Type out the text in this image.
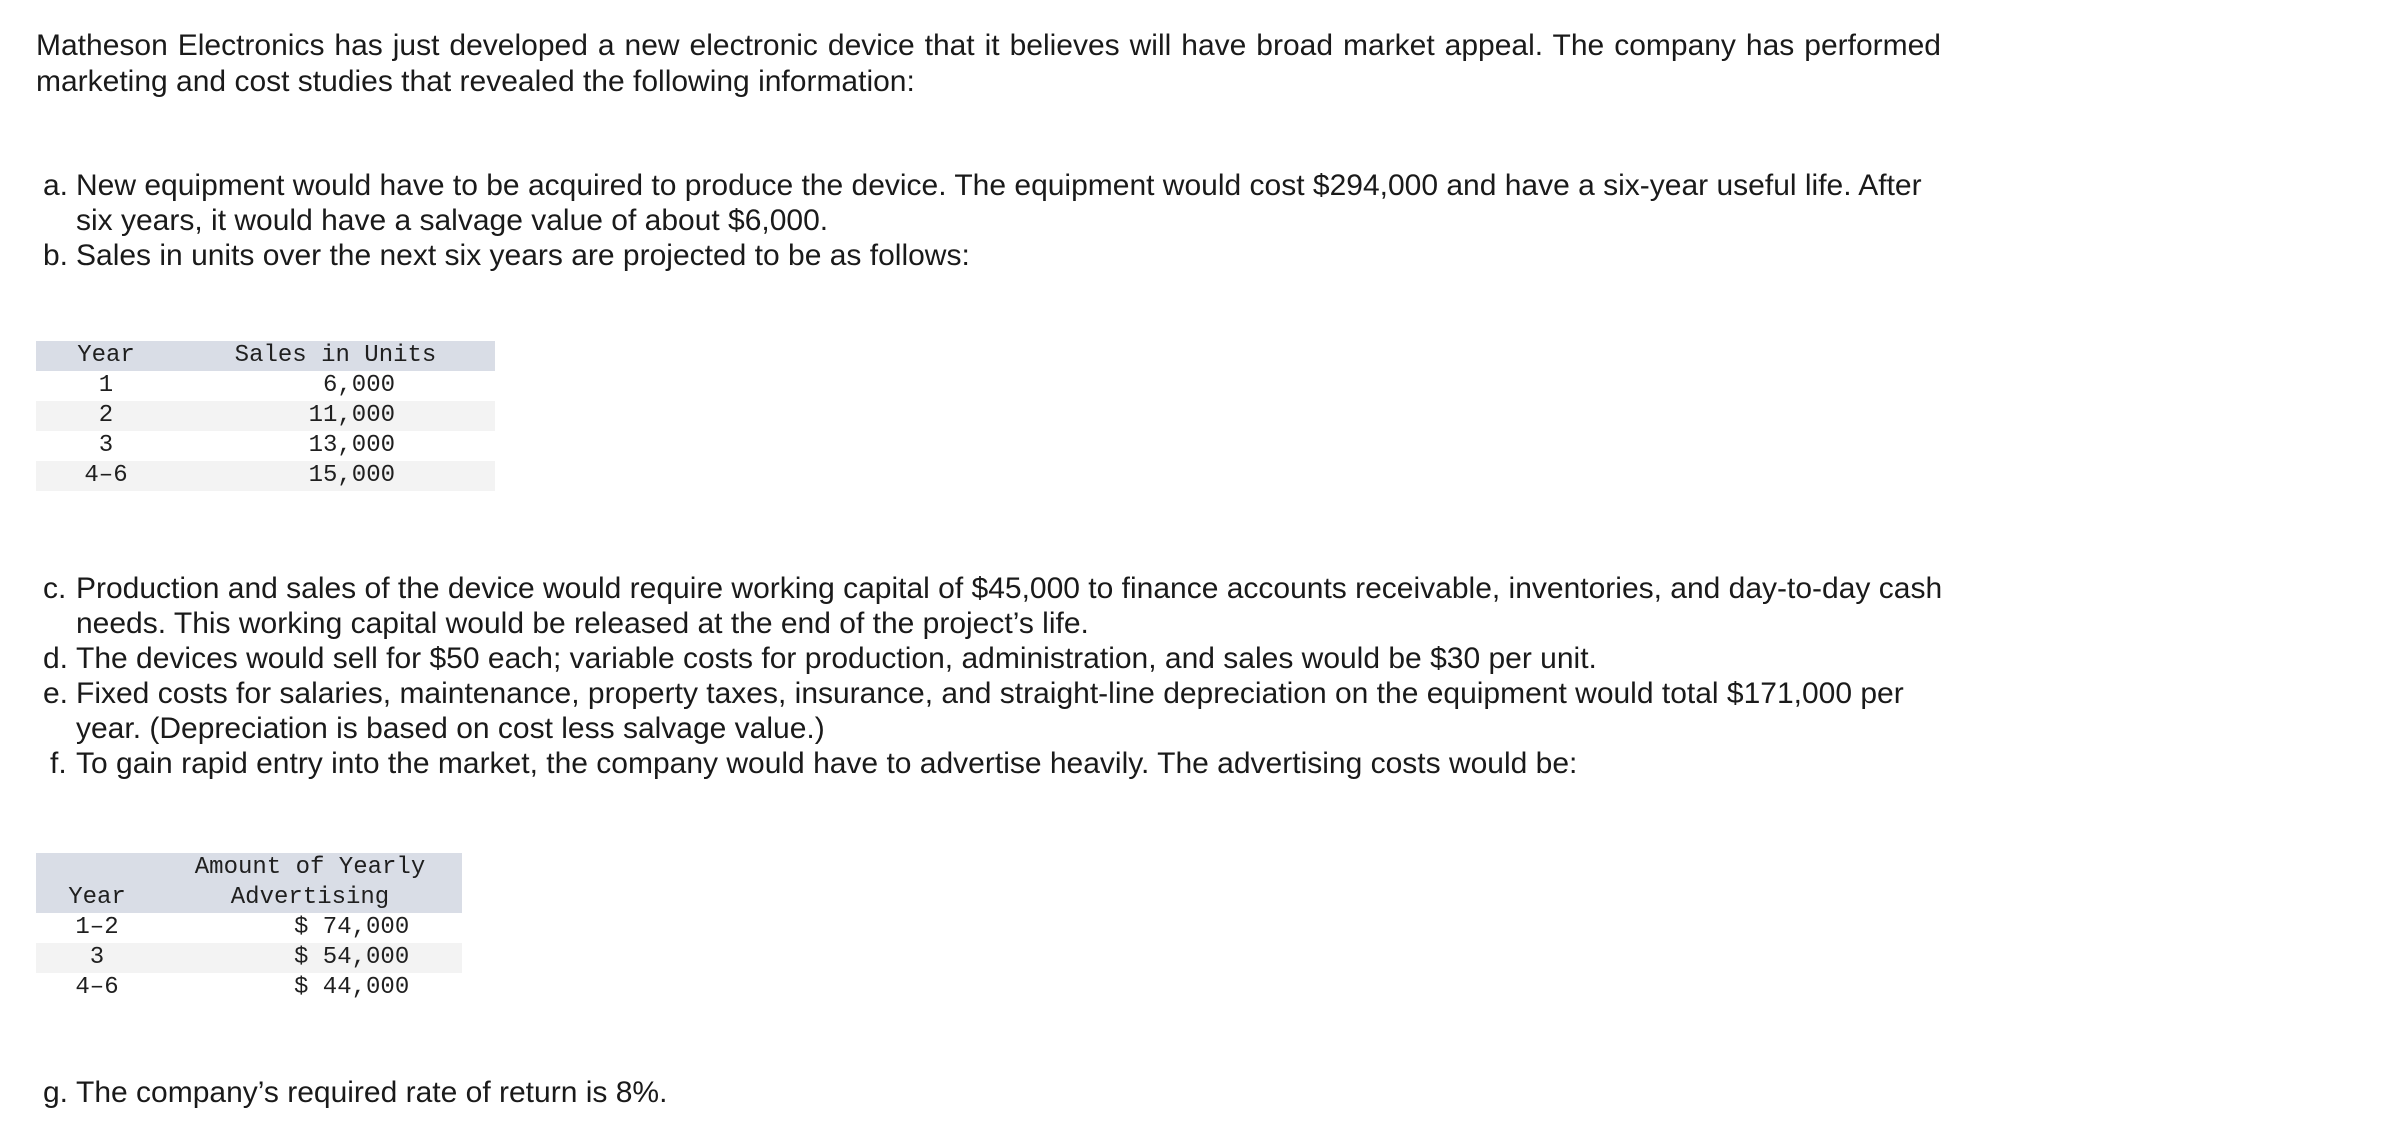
Matheson Electronics has just developed a new electronic device that it believes will have broad market appeal. The company has performed marketing and cost studies that revealed the following information:

a. New equipment would have to be acquired to produce the device. The equipment would cost $294,000 and have a six-year useful life. After six years, it would have a salvage value of about $6,000.
b. Sales in units over the next six years are projected to be as follows:
Year	Sales in Units
1	6,000
2	11,000
3	13,000
4–6	15,000
c. Production and sales of the device would require working capital of $45,000 to finance accounts receivable, inventories, and day-to-day cash needs. This working capital would be released at the end of the project’s life.
d. The devices would sell for $50 each; variable costs for production, administration, and sales would be $30 per unit.
e. Fixed costs for salaries, maintenance, property taxes, insurance, and straight-line depreciation on the equipment would total $171,000 per year. (Depreciation is based on cost less salvage value.)
f. To gain rapid entry into the market, the company would have to advertise heavily. The advertising costs would be:
Year	Amount of Yearly
Advertising

1–2	$ 74,000
3	$ 54,000
4–6	$ 44,000
g. The company’s required rate of return is 8%.
